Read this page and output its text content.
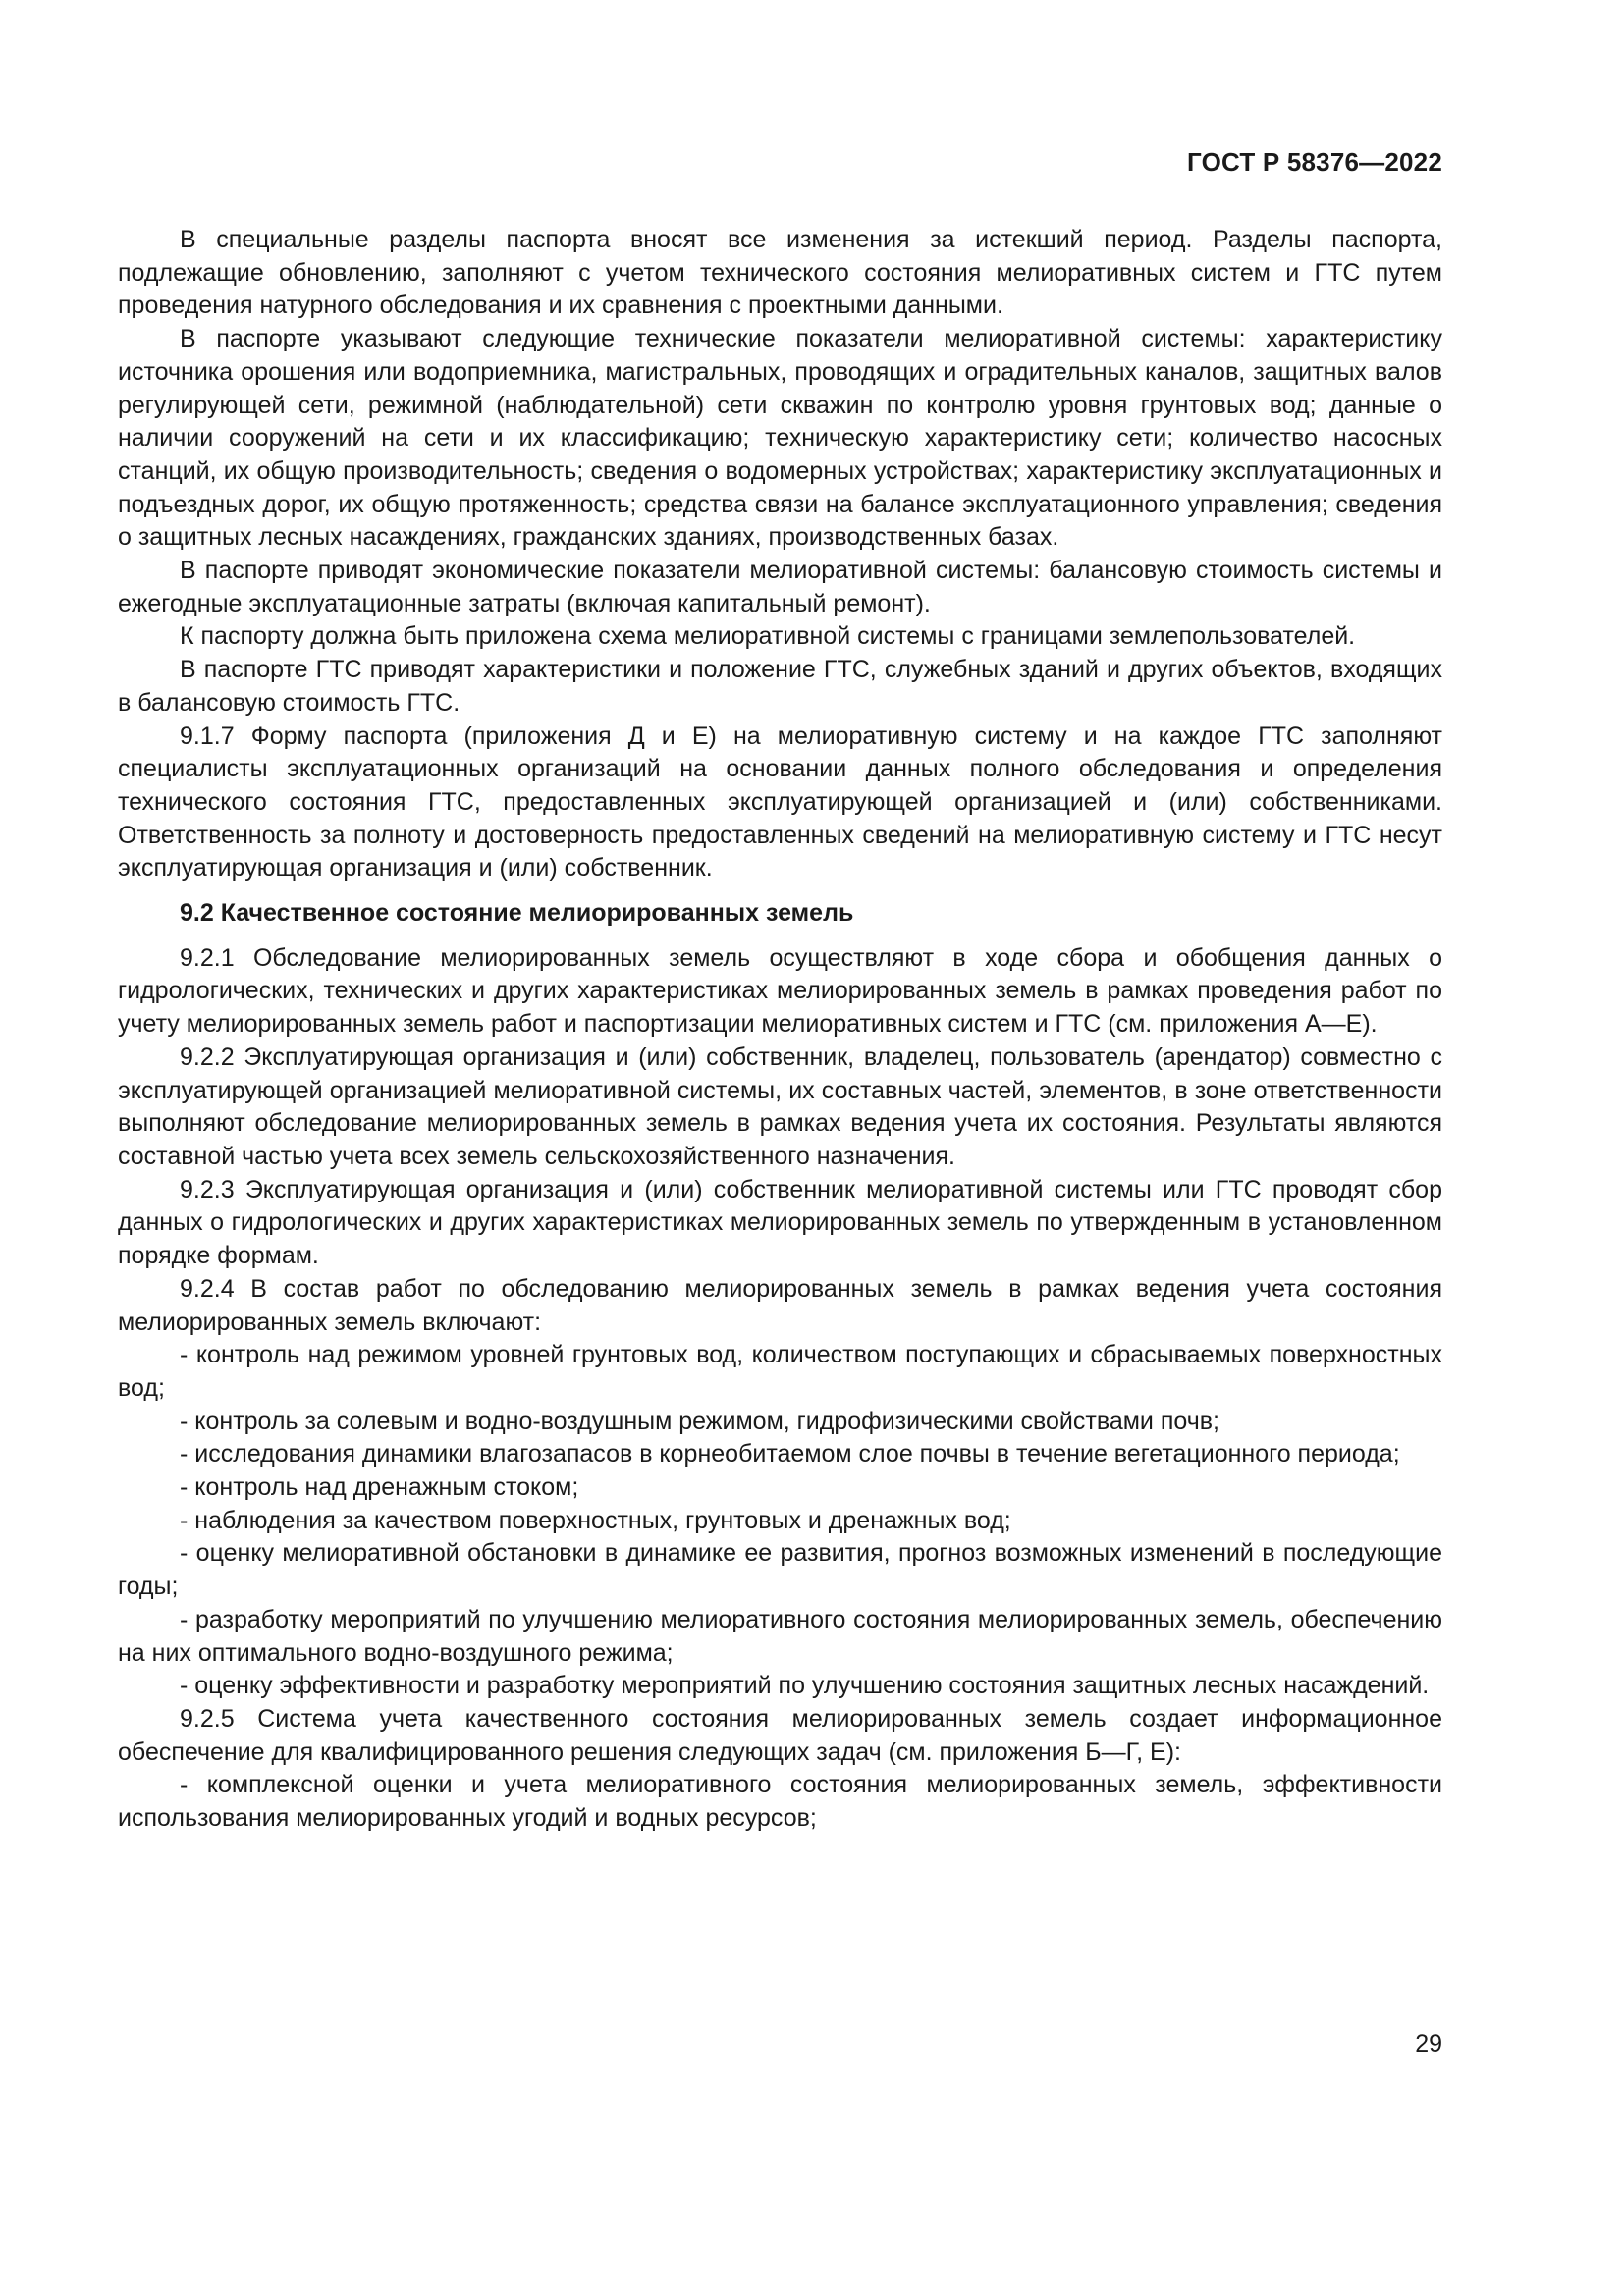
ГОСТ Р 58376—2022

В специальные разделы паспорта вносят все изменения за истекший период. Разделы паспорта, подлежащие обновлению, заполняют с учетом технического состояния мелиоративных систем и ГТС путем проведения натурного обследования и их сравнения с проектными данными.

В паспорте указывают следующие технические показатели мелиоративной системы: характеристику источника орошения или водоприемника, магистральных, проводящих и оградительных каналов, защитных валов регулирующей сети, режимной (наблюдательной) сети скважин по контролю уровня грунтовых вод; данные о наличии сооружений на сети и их классификацию; техническую характеристику сети; количество насосных станций, их общую производительность; сведения о водомерных устройствах; характеристику эксплуатационных и подъездных дорог, их общую протяженность; средства связи на балансе эксплуатационного управления; сведения о защитных лесных насаждениях, гражданских зданиях, производственных базах.

В паспорте приводят экономические показатели мелиоративной системы: балансовую стоимость системы и ежегодные эксплуатационные затраты (включая капитальный ремонт).

К паспорту должна быть приложена схема мелиоративной системы с границами землепользователей.

В паспорте ГТС приводят характеристики и положение ГТС, служебных зданий и других объектов, входящих в балансовую стоимость ГТС.

9.1.7 Форму паспорта (приложения Д и Е) на мелиоративную систему и на каждое ГТС заполняют специалисты эксплуатационных организаций на основании данных полного обследования и определения технического состояния ГТС, предоставленных эксплуатирующей организацией и (или) собственниками. Ответственность за полноту и достоверность предоставленных сведений на мелиоративную систему и ГТС несут эксплуатирующая организация и (или) собственник.

9.2 Качественное состояние мелиорированных земель

9.2.1 Обследование мелиорированных земель осуществляют в ходе сбора и обобщения данных о гидрологических, технических и других характеристиках мелиорированных земель в рамках проведения работ по учету мелиорированных земель работ и паспортизации мелиоративных систем и ГТС (см. приложения А—Е).

9.2.2 Эксплуатирующая организация и (или) собственник, владелец, пользователь (арендатор) совместно с эксплуатирующей организацией мелиоративной системы, их составных частей, элементов, в зоне ответственности выполняют обследование мелиорированных земель в рамках ведения учета их состояния. Результаты являются составной частью учета всех земель сельскохозяйственного назначения.

9.2.3 Эксплуатирующая организация и (или) собственник мелиоративной системы или ГТС проводят сбор данных о гидрологических и других характеристиках мелиорированных земель по утвержденным в установленном порядке формам.

9.2.4 В состав работ по обследованию мелиорированных земель в рамках ведения учета состояния мелиорированных земель включают:

- контроль над режимом уровней грунтовых вод, количеством поступающих и сбрасываемых поверхностных вод;

- контроль за солевым и водно-воздушным режимом, гидрофизическими свойствами почв;

- исследования динамики влагозапасов в корнеобитаемом слое почвы в течение вегетационного периода;

- контроль над дренажным стоком;

- наблюдения за качеством поверхностных, грунтовых и дренажных вод;

- оценку мелиоративной обстановки в динамике ее развития, прогноз возможных изменений в последующие годы;

- разработку мероприятий по улучшению мелиоративного состояния мелиорированных земель, обеспечению на них оптимального водно-воздушного режима;

- оценку эффективности и разработку мероприятий по улучшению состояния защитных лесных насаждений.

9.2.5 Система учета качественного состояния мелиорированных земель создает информационное обеспечение для квалифицированного решения следующих задач (см. приложения Б—Г, Е):

- комплексной оценки и учета мелиоративного состояния мелиорированных земель, эффективности использования мелиорированных угодий и водных ресурсов;

29
